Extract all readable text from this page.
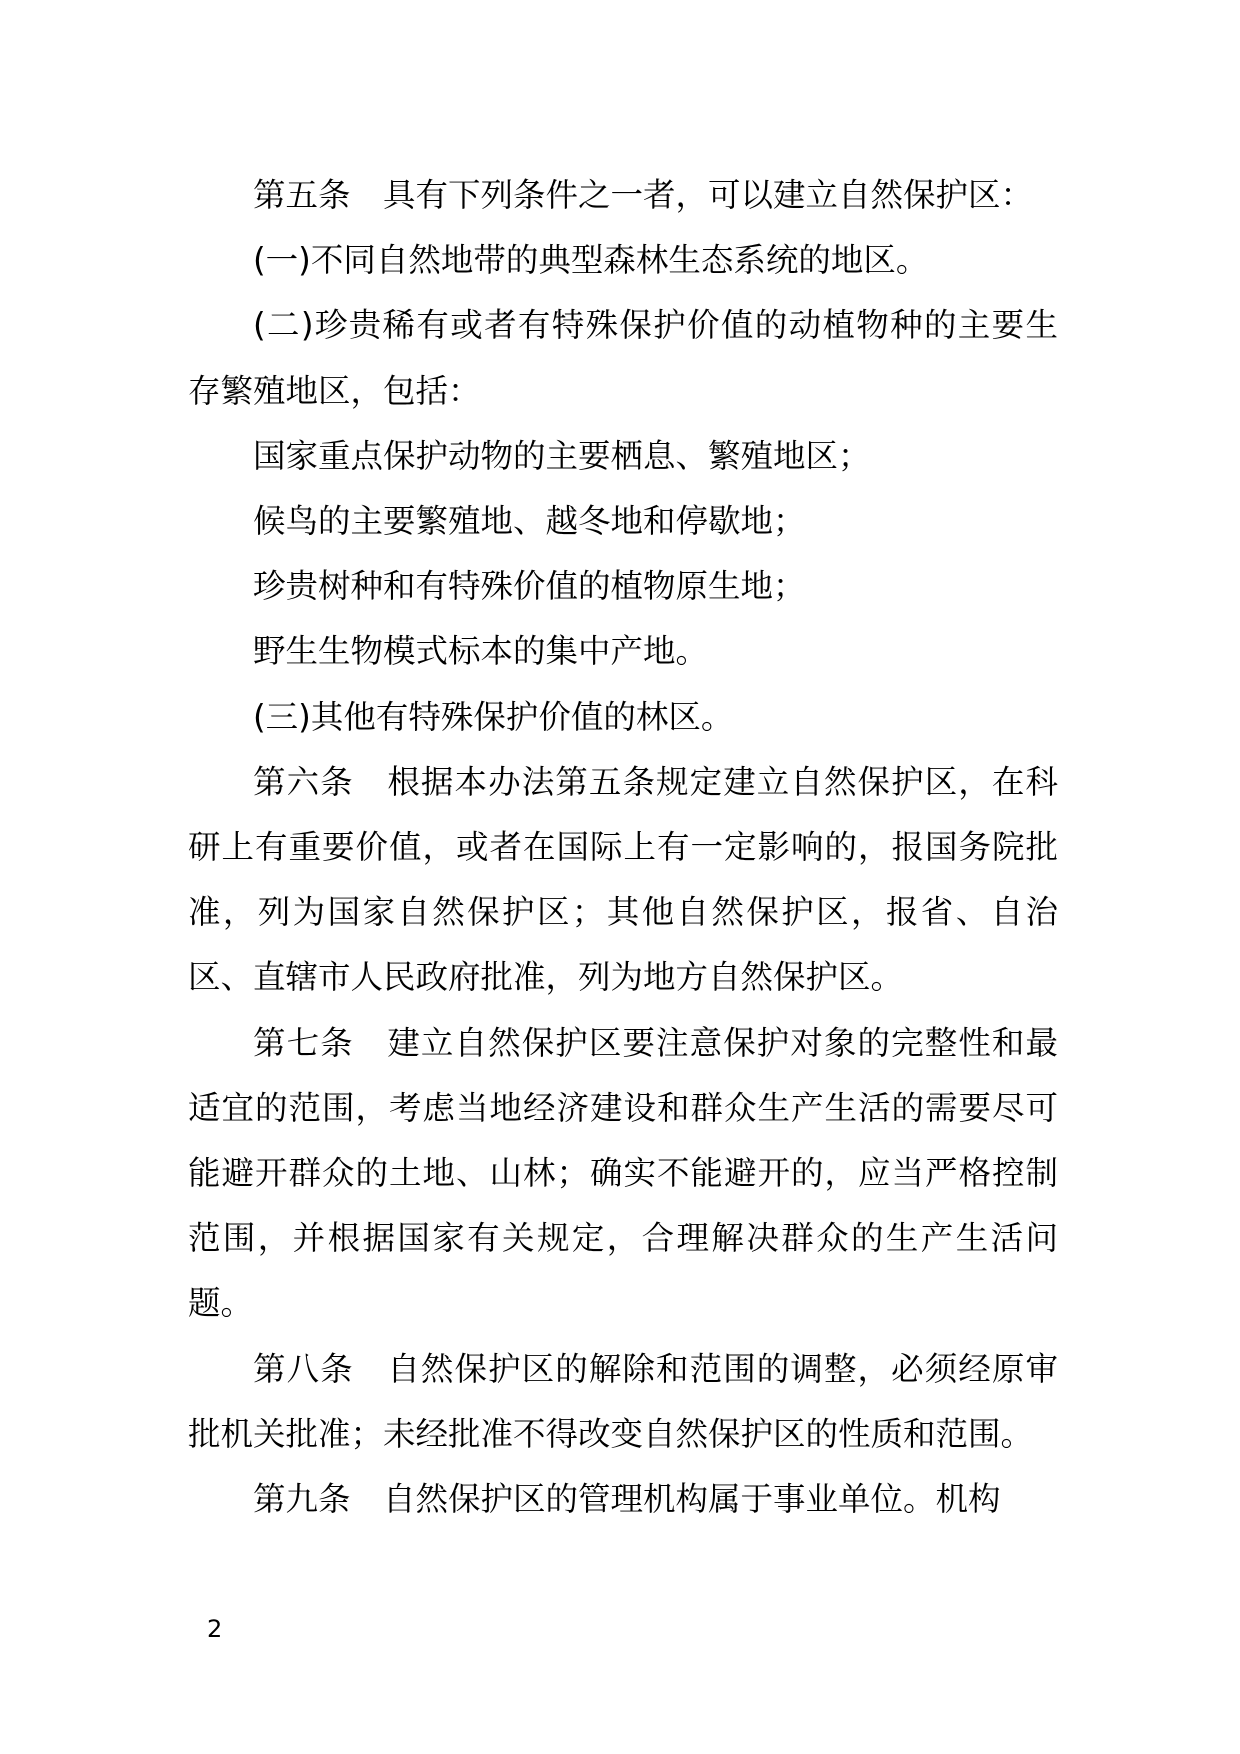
第五条　具有下列条件之一者，可以建立自然保护区：

(一)不同自然地带的典型森林生态系统的地区。

(二)珍贵稀有或者有特殊保护价值的动植物种的主要生存繁殖地区，包括：

国家重点保护动物的主要栖息、繁殖地区；

候鸟的主要繁殖地、越冬地和停歇地；

珍贵树种和有特殊价值的植物原生地；

野生生物模式标本的集中产地。

(三)其他有特殊保护价值的林区。

第六条　根据本办法第五条规定建立自然保护区，在科研上有重要价值，或者在国际上有一定影响的，报国务院批准，列为国家自然保护区；其他自然保护区，报省、自治区、直辖市人民政府批准，列为地方自然保护区。

第七条　建立自然保护区要注意保护对象的完整性和最适宜的范围，考虑当地经济建设和群众生产生活的需要尽可能避开群众的土地、山林；确实不能避开的，应当严格控制范围，并根据国家有关规定，合理解决群众的生产生活问题。

第八条　自然保护区的解除和范围的调整，必须经原审批机关批准；未经批准不得改变自然保护区的性质和范围。

第九条　自然保护区的管理机构属于事业单位。机构

2
